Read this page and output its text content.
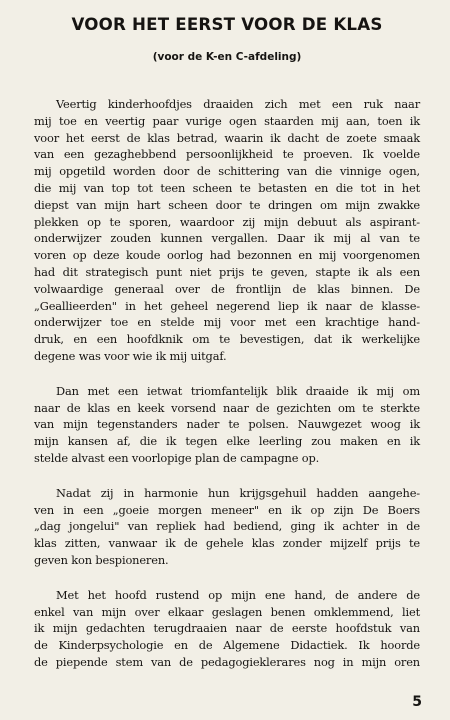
VOOR HET EERST VOOR DE KLAS
(voor de K-en C-afdeling)

Veertig kinderhoofdjes draaiden zich met een ruk naar
mij toe en veertig paar vurige ogen staarden mij aan, toen ik
voor het eerst de klas betrad, waarin ik dacht de zoete smaak
van een gezaghebbend persoonlijkheid te proeven. Ik voelde
mij opgetild worden door de schittering van die vinnige ogen,
die mij van top tot teen scheen te betasten en die tot in het
diepst van mijn hart scheen door te dringen om mijn zwakke
plekken op te sporen, waardoor zij mijn debuut als aspirant-
onderwijzer zouden kunnen vergallen. Daar ik mij al van te
voren op deze koude oorlog had bezonnen en mij voorgenomen
had dit strategisch punt niet prijs te geven, stapte ik als een
volwaardige generaal over de frontlijn de klas binnen. De
„Geallieerden" in het geheel negerend liep ik naar de klasse-
onderwijzer toe en stelde mij voor met een krachtige hand-
druk, en een hoofdknik om te bevestigen, dat ik werkelijke
degene was voor wie ik mij uitgaf.

Dan met een ietwat triomfantelijk blik draaide ik mij om
naar de klas en keek vorsend naar de gezichten om te sterkte
van mijn tegenstanders nader te polsen. Nauwgezet woog ik
mijn kansen af, die ik tegen elke leerling zou maken en ik
stelde alvast een voorlopige plan de campagne op.

Nadat zij in harmonie hun krijgsgehuil hadden aangehe-
ven in een „goeie morgen meneer" en ik op zijn De Boers
„dag jongelui" van repliek had bediend, ging ik achter in de
klas zitten, vanwaar ik de gehele klas zonder mijzelf prijs te
geven kon bespioneren.

Met het hoofd rustend op mijn ene hand, de andere de
enkel van mijn over elkaar geslagen benen omklemmend, liet
ik mijn gedachten terugdraaien naar de eerste hoofdstuk van
de Kinderpsychologie en de Algemene Didactiek. Ik hoorde
de piepende stem van de pedagogieklerares nog in mijn oren

5
